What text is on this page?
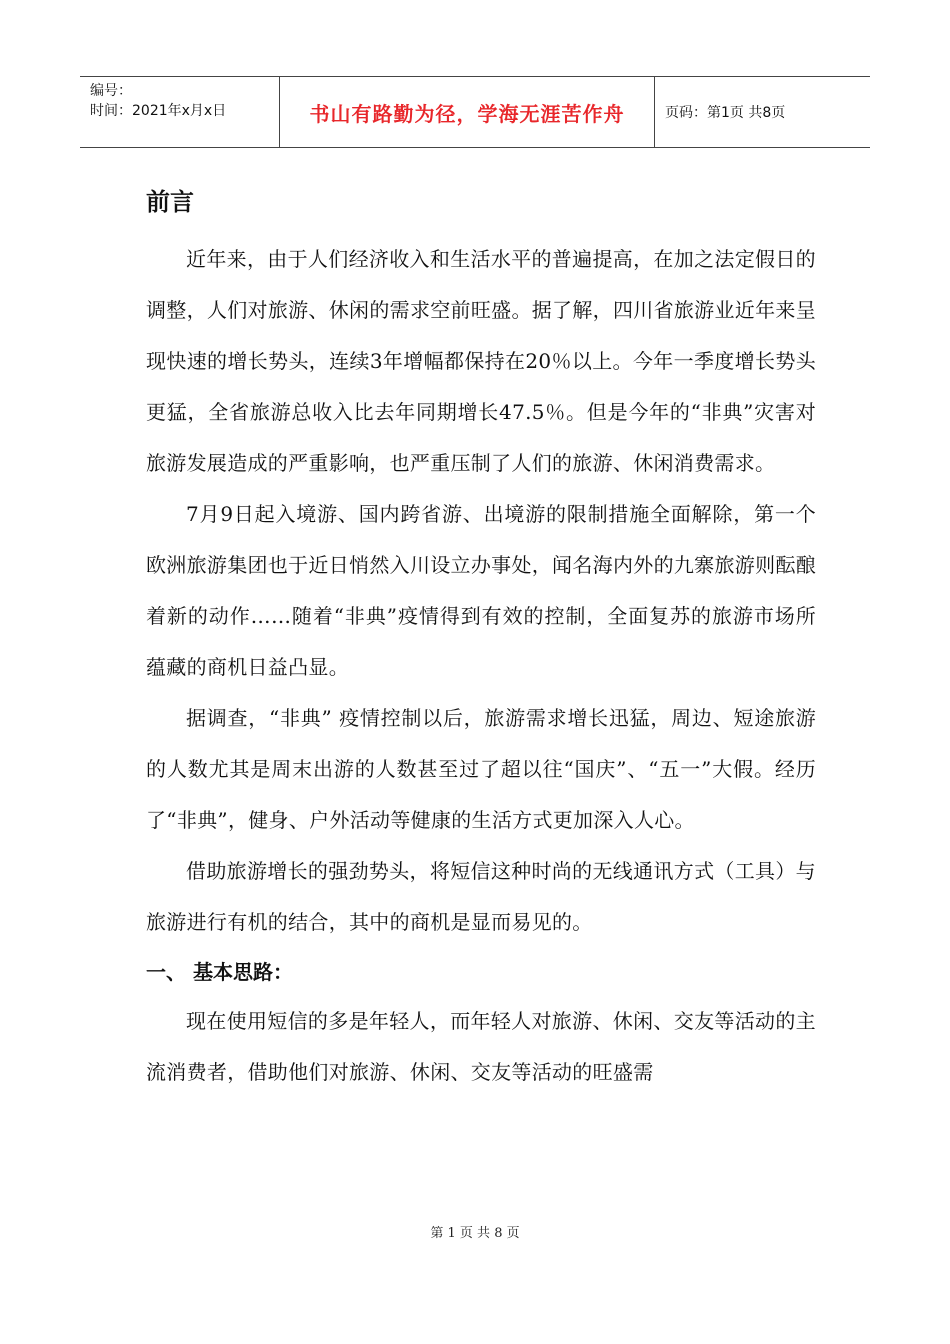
编号：
时间：2021年x月x日	书山有路勤为径，学海无涯苦作舟	页码：第1页 共8页
前言

近年来，由于人们经济收入和生活水平的普遍提高，在加之法定假日的调整，人们对旅游、休闲的需求空前旺盛。据了解，四川省旅游业近年来呈现快速的增长势头，连续3年增幅都保持在20％以上。今年一季度增长势头更猛，全省旅游总收入比去年同期增长47.5％。但是今年的“非典”灾害对旅游发展造成的严重影响，也严重压制了人们的旅游、休闲消费需求。

7月9日起入境游、国内跨省游、出境游的限制措施全面解除，第一个欧洲旅游集团也于近日悄然入川设立办事处，闻名海内外的九寨旅游则酝酿着新的动作……随着“非典”疫情得到有效的控制，全面复苏的旅游市场所蕴藏的商机日益凸显。

据调查，“非典” 疫情控制以后，旅游需求增长迅猛，周边、短途旅游的人数尤其是周末出游的人数甚至过了超以往“国庆”、“五一”大假。经历了“非典”，健身、户外活动等健康的生活方式更加深入人心。

借助旅游增长的强劲势头，将短信这种时尚的无线通讯方式（工具）与旅游进行有机的结合，其中的商机是显而易见的。

一、 基本思路：

现在使用短信的多是年轻人，而年轻人对旅游、休闲、交友等活动的主流消费者，借助他们对旅游、休闲、交友等活动的旺盛需

第 1 页 共 8 页
